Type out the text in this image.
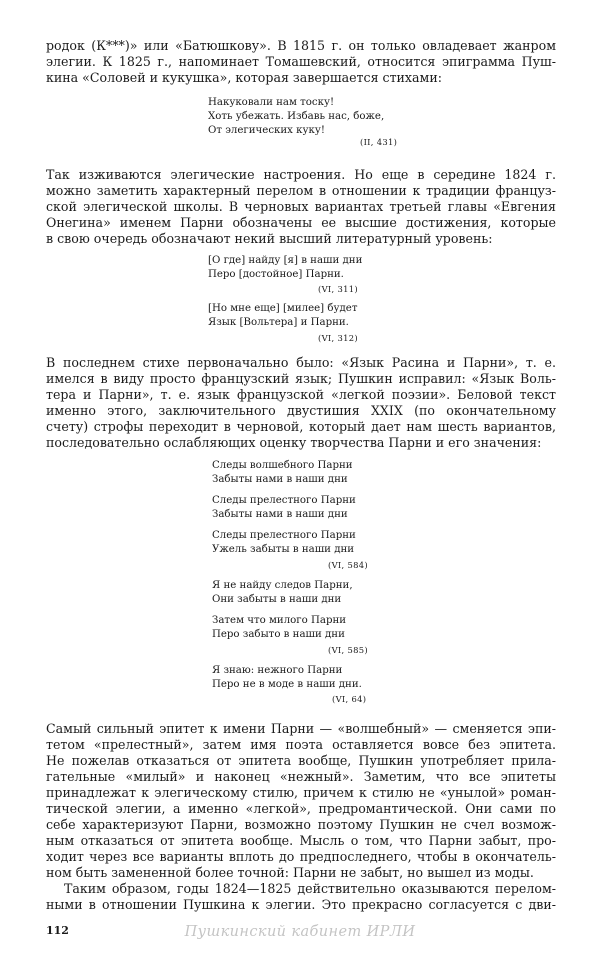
родок (К***)» или «Батюшкову». В 1815 г. он только овладевает жанром
элегии. К 1825 г., напоминает Томашевский, относится эпиграмма Пуш-
кина «Соловей и кукушка», которая завершается стихами:
Накуковали нам тоску!
Хоть убежать. Избавь нас, боже,
От элегических куку!
(II, 431)
Так изживаются элегические настроения. Но еще в середине 1824 г.
можно заметить характерный перелом в отношении к традиции француз-
ской элегической школы. В черновых вариантах третьей главы «Евгения
Онегина» именем Парни обозначены ее высшие достижения, которые
в свою очередь обозначают некий высший литературный уровень:
[О где] найду [я] в наши дни
Перо [достойное] Парни.
(VI, 311)
[Но мне еще] [милее] будет
Язык [Вольтера] и Парни.
(VI, 312)
В последнем стихе первоначально было: «Язык Расина и Парни», т. е.
имелся в виду просто французский язык; Пушкин исправил: «Язык Воль-
тера и Парни», т. е. язык французской «легкой поэзии». Беловой текст
именно этого, заключительного двустишия XXIX (по окончательному
счету) строфы переходит в черновой, который дает нам шесть вариантов,
последовательно ослабляющих оценку творчества Парни и его значения:
Следы волшебного Парни
Забыты нами в наши дни
Следы прелестного Парни
Забыты нами в наши дни
Следы прелестного Парни
Ужель забыты в наши дни
(VI, 584)
Я не найду следов Парни,
Они забыты в наши дни
Затем что милого Парни
Перо забыто в наши дни
(VI, 585)
Я знаю: нежного Парни
Перо не в моде в наши дни.
(VI, 64)
Самый сильный эпитет к имени Парни — «волшебный» — сменяется эпи-
тетом «прелестный», затем имя поэта оставляется вовсе без эпитета.
Не пожелав отказаться от эпитета вообще, Пушкин употребляет прила-
гательные «милый» и наконец «нежный». Заметим, что все эпитеты
принадлежат к элегическому стилю, причем к стилю не «унылой» роман-
тической элегии, а именно «легкой», предромантической. Они сами по
себе характеризуют Парни, возможно поэтому Пушкин не счел возмож-
ным отказаться от эпитета вообще. Мысль о том, что Парни забыт, про-
ходит через все варианты вплоть до предпоследнего, чтобы в окончатель-
ном быть замененной более точной: Парни не забыт, но вышел из моды.
Таким образом, годы 1824—1825 действительно оказываются перелом-
ными в отношении Пушкина к элегии. Это прекрасно согласуется с дви-
112	Пушкинский кабинет ИРЛИ
